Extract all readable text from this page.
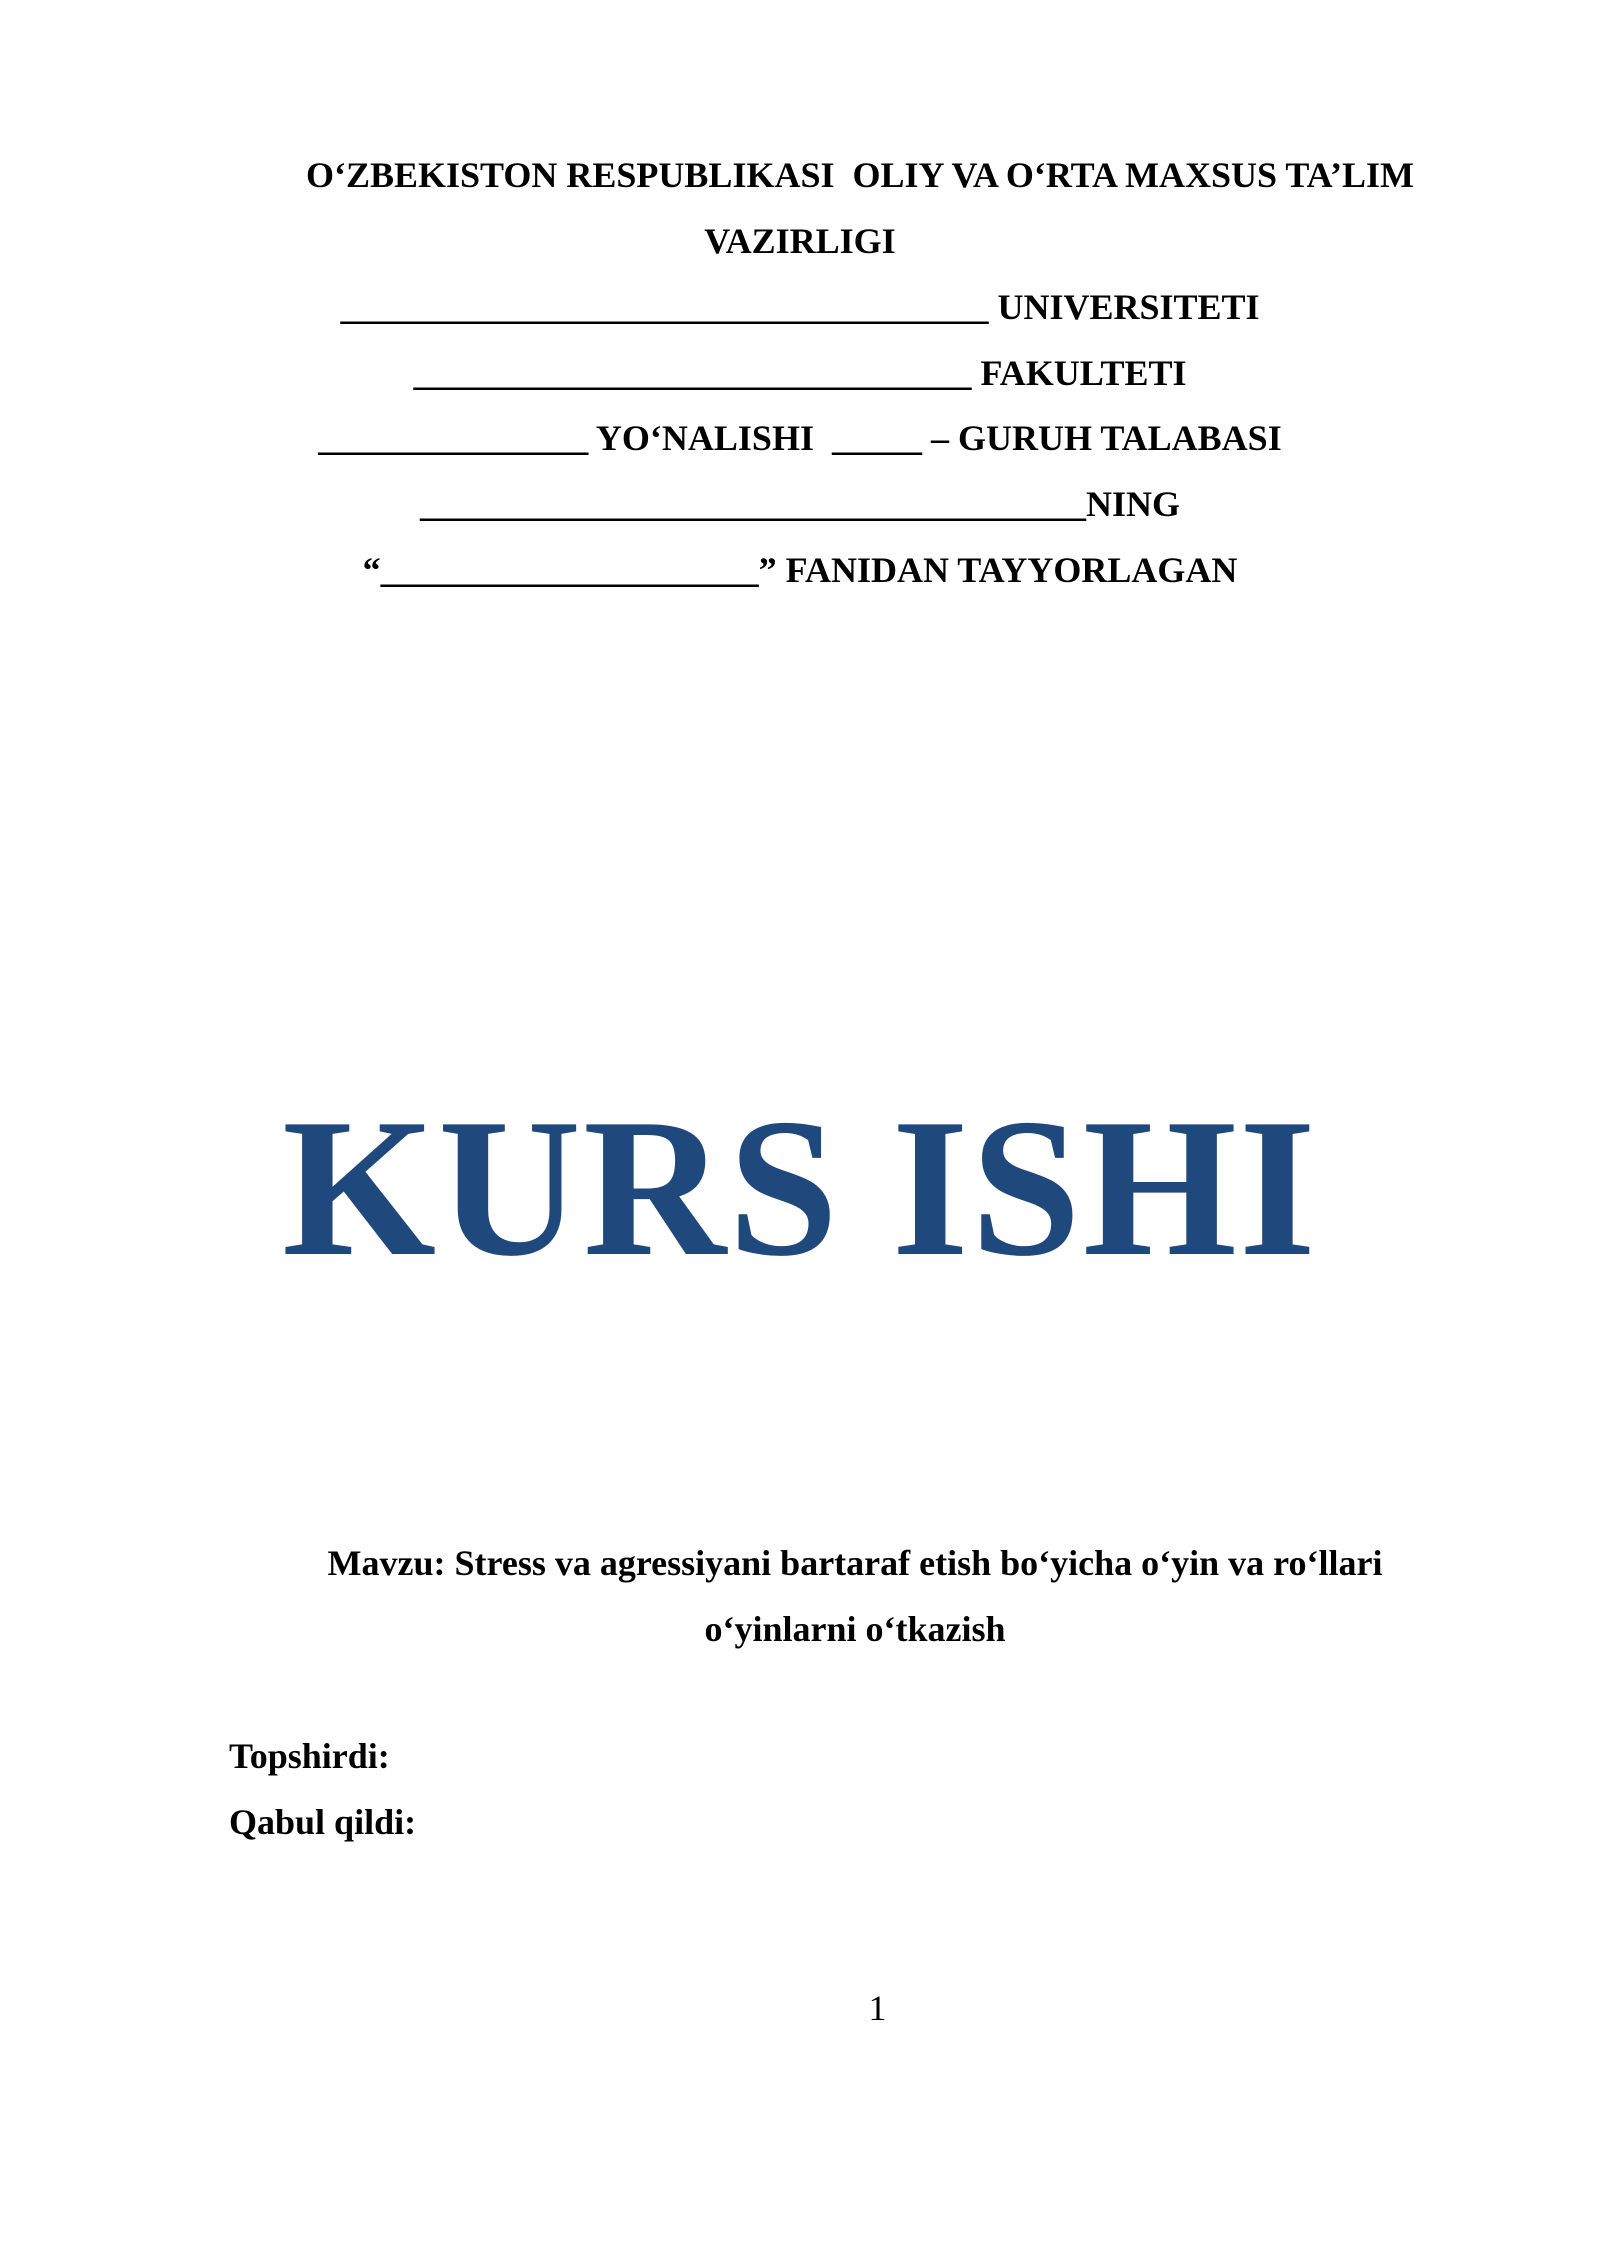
O‘ZBEKISTON RESPUBLIKASI  OLIY VA O‘RTA MAXSUS TA’LIM
VAZIRLIGI
____________________________________ UNIVERSITETI
_______________________________ FAKULTETI
_______________ YO‘NALISHI  _____ – GURUH TALABASI
_____________________________________NING
“_____________________” FANIDAN TAYYORLAGAN
KURS ISHI
Mavzu: Stress va agressiyani bartaraf etish bo‘yicha o‘yin va ro‘llari
o‘yinlarni o‘tkazish
Topshirdi:
Qabul qildi:
1
